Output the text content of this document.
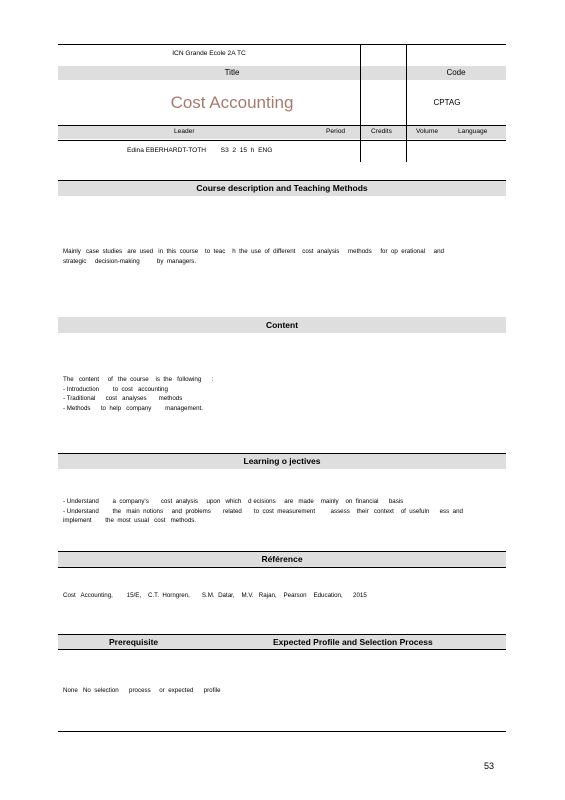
ICN Grande Ecole 2A TC
Title	Code
Cost Accounting	CPTAG
Leader	Period	Credits	Volume	Language
Edina EBERHARDT-TOTH        S3  2  15  h  ENG
Course description and Teaching Methods
Mainly   case  studies   are  used   in  this  course    to  teac    h  the  use  of  different    cost  analysis     methods     for  op  erational     and
strategic     decision-making          by  managers.
Content
The   content     of   the  course    is  the   following      :
- Introduction        to  cost   accounting
- Traditional      cost   analyses       methods
- Methods      to  help   company        management.
Learning o jectives
- Understand        a  company's       cost  analysis     upon   which    d ecisions     are   made    mainly    on  financial      basis
- Understand        the   main  notions     and  problems       related       to  cost  measurement         assess    their   context    of  usefuln      ess  and
implement        the  most  usual   cost   methods.
Référence
Cost   Accounting,        15/E,    C.T.  Horngren,       S.M.  Datar,    M.V.   Rajan,    Pearson    Education,      2015
Prerequisite	Expected Profile and Selection Process
None   No  selection      process     or  expected      profile
53
